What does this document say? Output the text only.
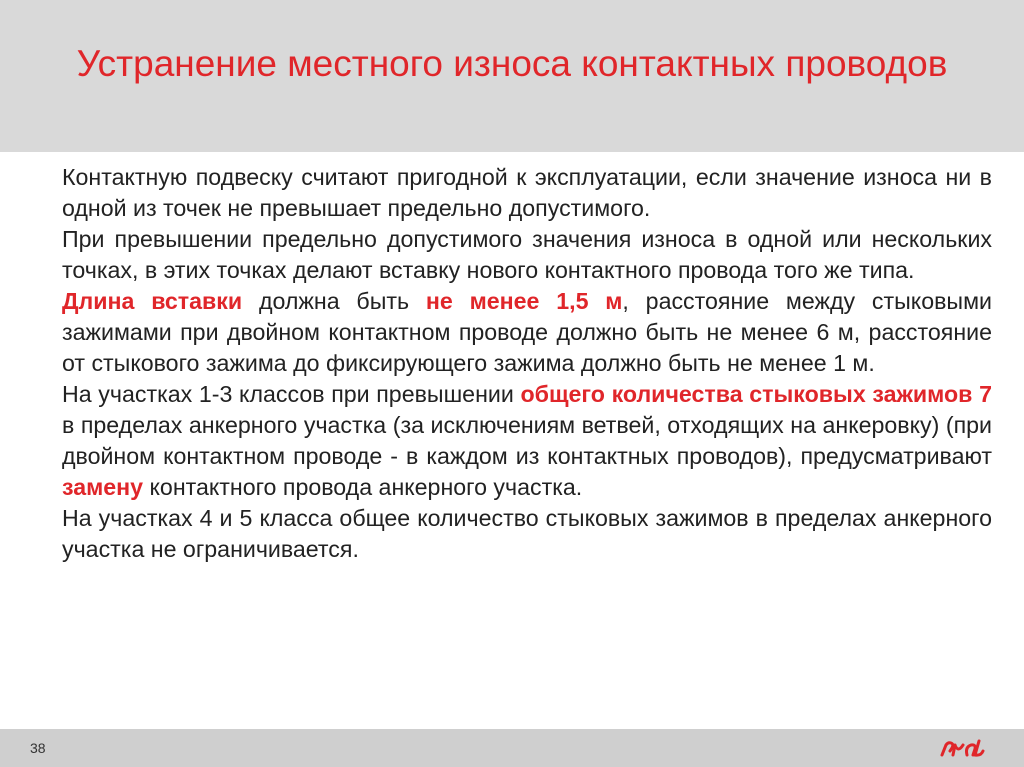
Устранение местного износа контактных проводов

Контактную подвеску считают пригодной к эксплуатации, если значение износа ни в одной из точек не превышает предельно допустимого.

При превышении предельно допустимого значения износа в одной или нескольких точках, в этих точках делают вставку нового контактного провода того же типа.

Длина вставки должна быть не менее 1,5 м, расстояние между стыковыми зажимами при двойном контактном проводе должно быть не менее 6 м, расстояние от стыкового зажима до фиксирующего зажима должно быть не менее 1 м.

На участках 1-3 классов при превышении общего количества стыковых зажимов 7 в пределах анкерного участка (за исключениям ветвей, отходящих на анкеровку) (при двойном контактном проводе - в каждом из контактных проводов), предусматривают замену контактного провода анкерного участка.

На участках 4 и 5 класса общее количество стыковых зажимов в пределах анкерного участка не ограничивается.

38
